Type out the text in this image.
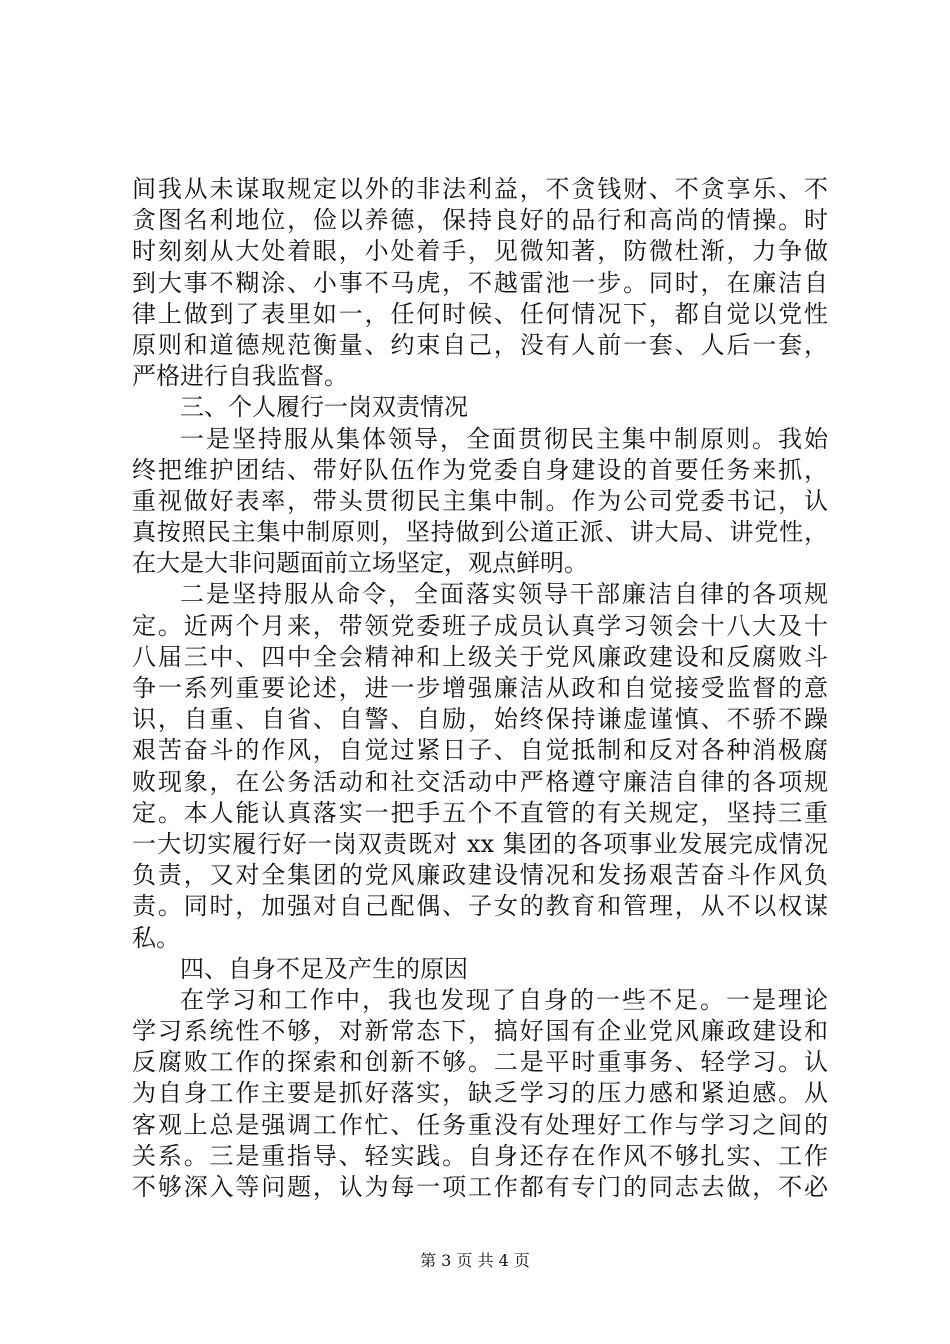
间我从未谋取规定以外的非法利益，不贪钱财、不贪享乐、不
贪图名利地位，俭以养德，保持良好的品行和高尚的情操。时
时刻刻从大处着眼，小处着手，见微知著，防微杜渐，力争做
到大事不糊涂、小事不马虎，不越雷池一步。同时，在廉洁自
律上做到了表里如一，任何时候、任何情况下，都自觉以党性
原则和道德规范衡量、约束自己，没有人前一套、人后一套，
严格进行自我监督。
三、个人履行一岗双责情况
一是坚持服从集体领导，全面贯彻民主集中制原则。我始
终把维护团结、带好队伍作为党委自身建设的首要任务来抓，
重视做好表率，带头贯彻民主集中制。作为公司党委书记，认
真按照民主集中制原则，坚持做到公道正派、讲大局、讲党性，
在大是大非问题面前立场坚定，观点鲜明。
二是坚持服从命令，全面落实领导干部廉洁自律的各项规
定。近两个月来，带领党委班子成员认真学习领会十八大及十
八届三中、四中全会精神和上级关于党风廉政建设和反腐败斗
争一系列重要论述，进一步增强廉洁从政和自觉接受监督的意
识，自重、自省、自警、自励，始终保持谦虚谨慎、不骄不躁
艰苦奋斗的作风，自觉过紧日子、自觉抵制和反对各种消极腐
败现象，在公务活动和社交活动中严格遵守廉洁自律的各项规
定。本人能认真落实一把手五个不直管的有关规定，坚持三重
一大切实履行好一岗双责既对 xx 集团的各项事业发展完成情况
负责，又对全集团的党风廉政建设情况和发扬艰苦奋斗作风负
责。同时，加强对自己配偶、子女的教育和管理，从不以权谋
私。
四、自身不足及产生的原因
在学习和工作中，我也发现了自身的一些不足。一是理论
学习系统性不够，对新常态下，搞好国有企业党风廉政建设和
反腐败工作的探索和创新不够。二是平时重事务、轻学习。认
为自身工作主要是抓好落实，缺乏学习的压力感和紧迫感。从
客观上总是强调工作忙、任务重没有处理好工作与学习之间的
关系。三是重指导、轻实践。自身还存在作风不够扎实、工作
不够深入等问题，认为每一项工作都有专门的同志去做，不必
第 3 页 共 4 页
